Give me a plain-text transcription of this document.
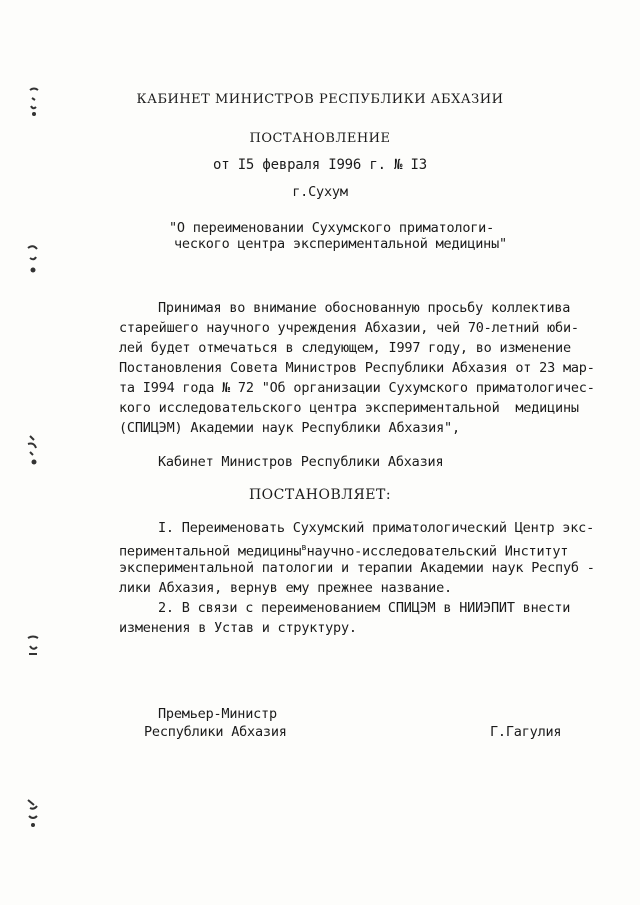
КАБИНЕТ МИНИСТРОВ РЕСПУБЛИКИ АБХАЗИИ
ПОСТАНОВЛЕНИЕ
от I5 февраля I996 г. № I3
г.Сухум
"О переименовании Сухумского приматологи-
ческого центра экспериментальной медицины"
Принимая во внимание обоснованную просьбу коллектива
старейшего научного учреждения Абхазии, чей 70-летний юби-
лей будет отмечаться в следующем, I997 году, во изменение
Постановления Совета Министров Республики Абхазия от 23 мар-
та I994 года № 72 "Об организации Сухумского приматологичес-
кого исследовательского центра экспериментальной  медицины
(СПИЦЭМ) Академии наук Республики Абхазия",
Кабинет Министров Республики Абхазия
ПОСТАНОВЛЯЕТ:
I. Переименовать Сухумский приматологический Центр экс-
периментальной медицины$^в$научно-исследовательский Институт
экспериментальной патологии и терапии Академии наук Респуб -
лики Абхазия, вернув ему прежнее название.
2. В связи с переименованием СПИЦЭМ в НИИЭПИТ внести
изменения в Устав и структуру.
Премьер-Министр
Республики Абхазия	Г.Гагулия
